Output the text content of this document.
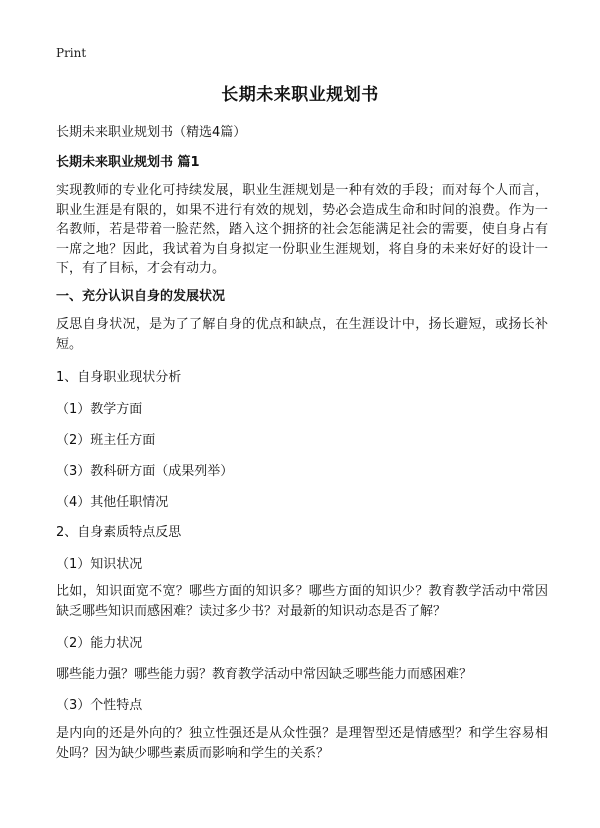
Print
长期未来职业规划书
长期未来职业规划书（精选4篇）
长期未来职业规划书 篇1
实现教师的专业化可持续发展，职业生涯规划是一种有效的手段；而对每个人而言，职业生涯是有限的，如果不进行有效的规划，势必会造成生命和时间的浪费。作为一名教师，若是带着一脸茫然，踏入这个拥挤的社会怎能满足社会的需要，使自身占有一席之地？因此，我试着为自身拟定一份职业生涯规划，将自身的未来好好的设计一下，有了目标，才会有动力。
一、充分认识自身的发展状况
反思自身状况，是为了了解自身的优点和缺点，在生涯设计中，扬长避短，或扬长补短。
1、自身职业现状分析
（1）教学方面
（2）班主任方面
（3）教科研方面（成果列举）
（4）其他任职情况
2、自身素质特点反思
（1）知识状况
比如，知识面宽不宽？哪些方面的知识多？哪些方面的知识少？教育教学活动中常因缺乏哪些知识而感困难？读过多少书？对最新的知识动态是否了解？
（2）能力状况
哪些能力强？哪些能力弱？教育教学活动中常因缺乏哪些能力而感困难？
（3）个性特点
是内向的还是外向的？独立性强还是从众性强？是理智型还是情感型？和学生容易相处吗？因为缺少哪些素质而影响和学生的关系？
